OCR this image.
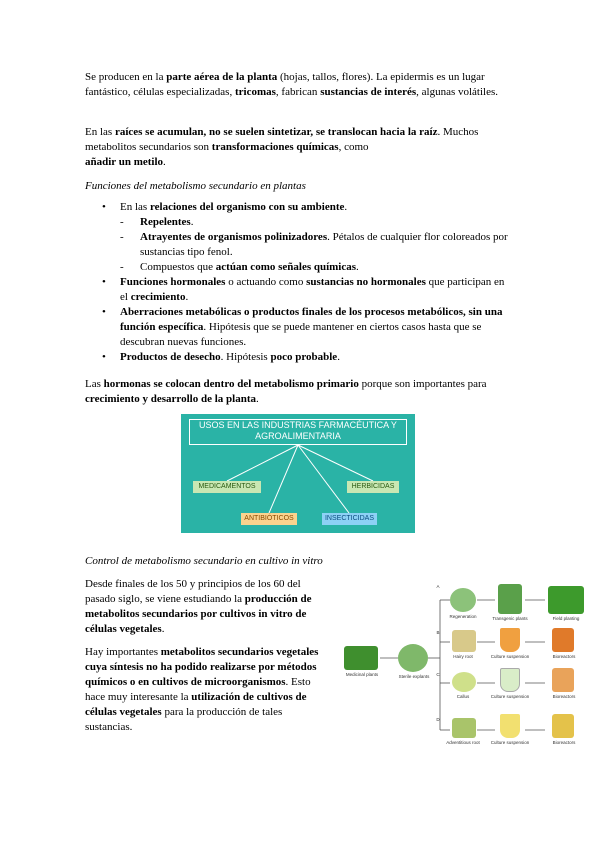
Se producen en la parte aérea de la planta (hojas, tallos, flores). La epidermis es un lugar fantástico, células especializadas, tricomas, fabrican sustancias de interés, algunas volátiles.
En las raíces se acumulan, no se suelen sintetizar, se translocan hacia la raíz. Muchos metabolitos secundarios son transformaciones químicas, como
añadir un metilo.
Funciones del metabolismo secundario en plantas
• En las relaciones del organismo con su ambiente.
- Repelentes.
- Atrayentes de organismos polinizadores. Pétalos de cualquier flor coloreados por sustancias tipo fenol.
- Compuestos que actúan como señales químicas.
• Funciones hormonales o actuando como sustancias no hormonales que participan en el crecimiento.
• Aberraciones metabólicas o productos finales de los procesos metabólicos, sin una función específica. Hipótesis que se puede mantener en ciertos casos hasta que se descubran nuevas funciones.
• Productos de desecho. Hipótesis poco probable.
Las hormonas se colocan dentro del metabolismo primario porque son importantes para crecimiento y desarrollo de la planta.
USOS EN LAS INDUSTRIAS FARMACÉUTICA Y AGROALIMENTARIA
MEDICAMENTOS	HERBICIDAS
ANTIBIÓTICOS	INSECTICIDAS
Control de metabolismo secundario en cultivo in vitro
Desde finales de los 50 y principios de los 60 del pasado siglo, se viene estudiando la producción de metabolitos secundarios por cultivos in vitro de células vegetales.
Hay importantes metabolitos secundarios vegetales cuya síntesis no ha podido realizarse por métodos químicos o en cultivos de microorganismos. Esto hace muy interesante la utilización de cultivos de células vegetales para la producción de tales sustancias.
Medicinal plants	Sterile explants
A
B
C
D
Regeneration	Transgenic plants	Field planting
Hairy root	Culture suspension	Bioreactors
Callus	Culture suspension	Bioreactors
Adventitious root	Culture suspension	Bioreactors
